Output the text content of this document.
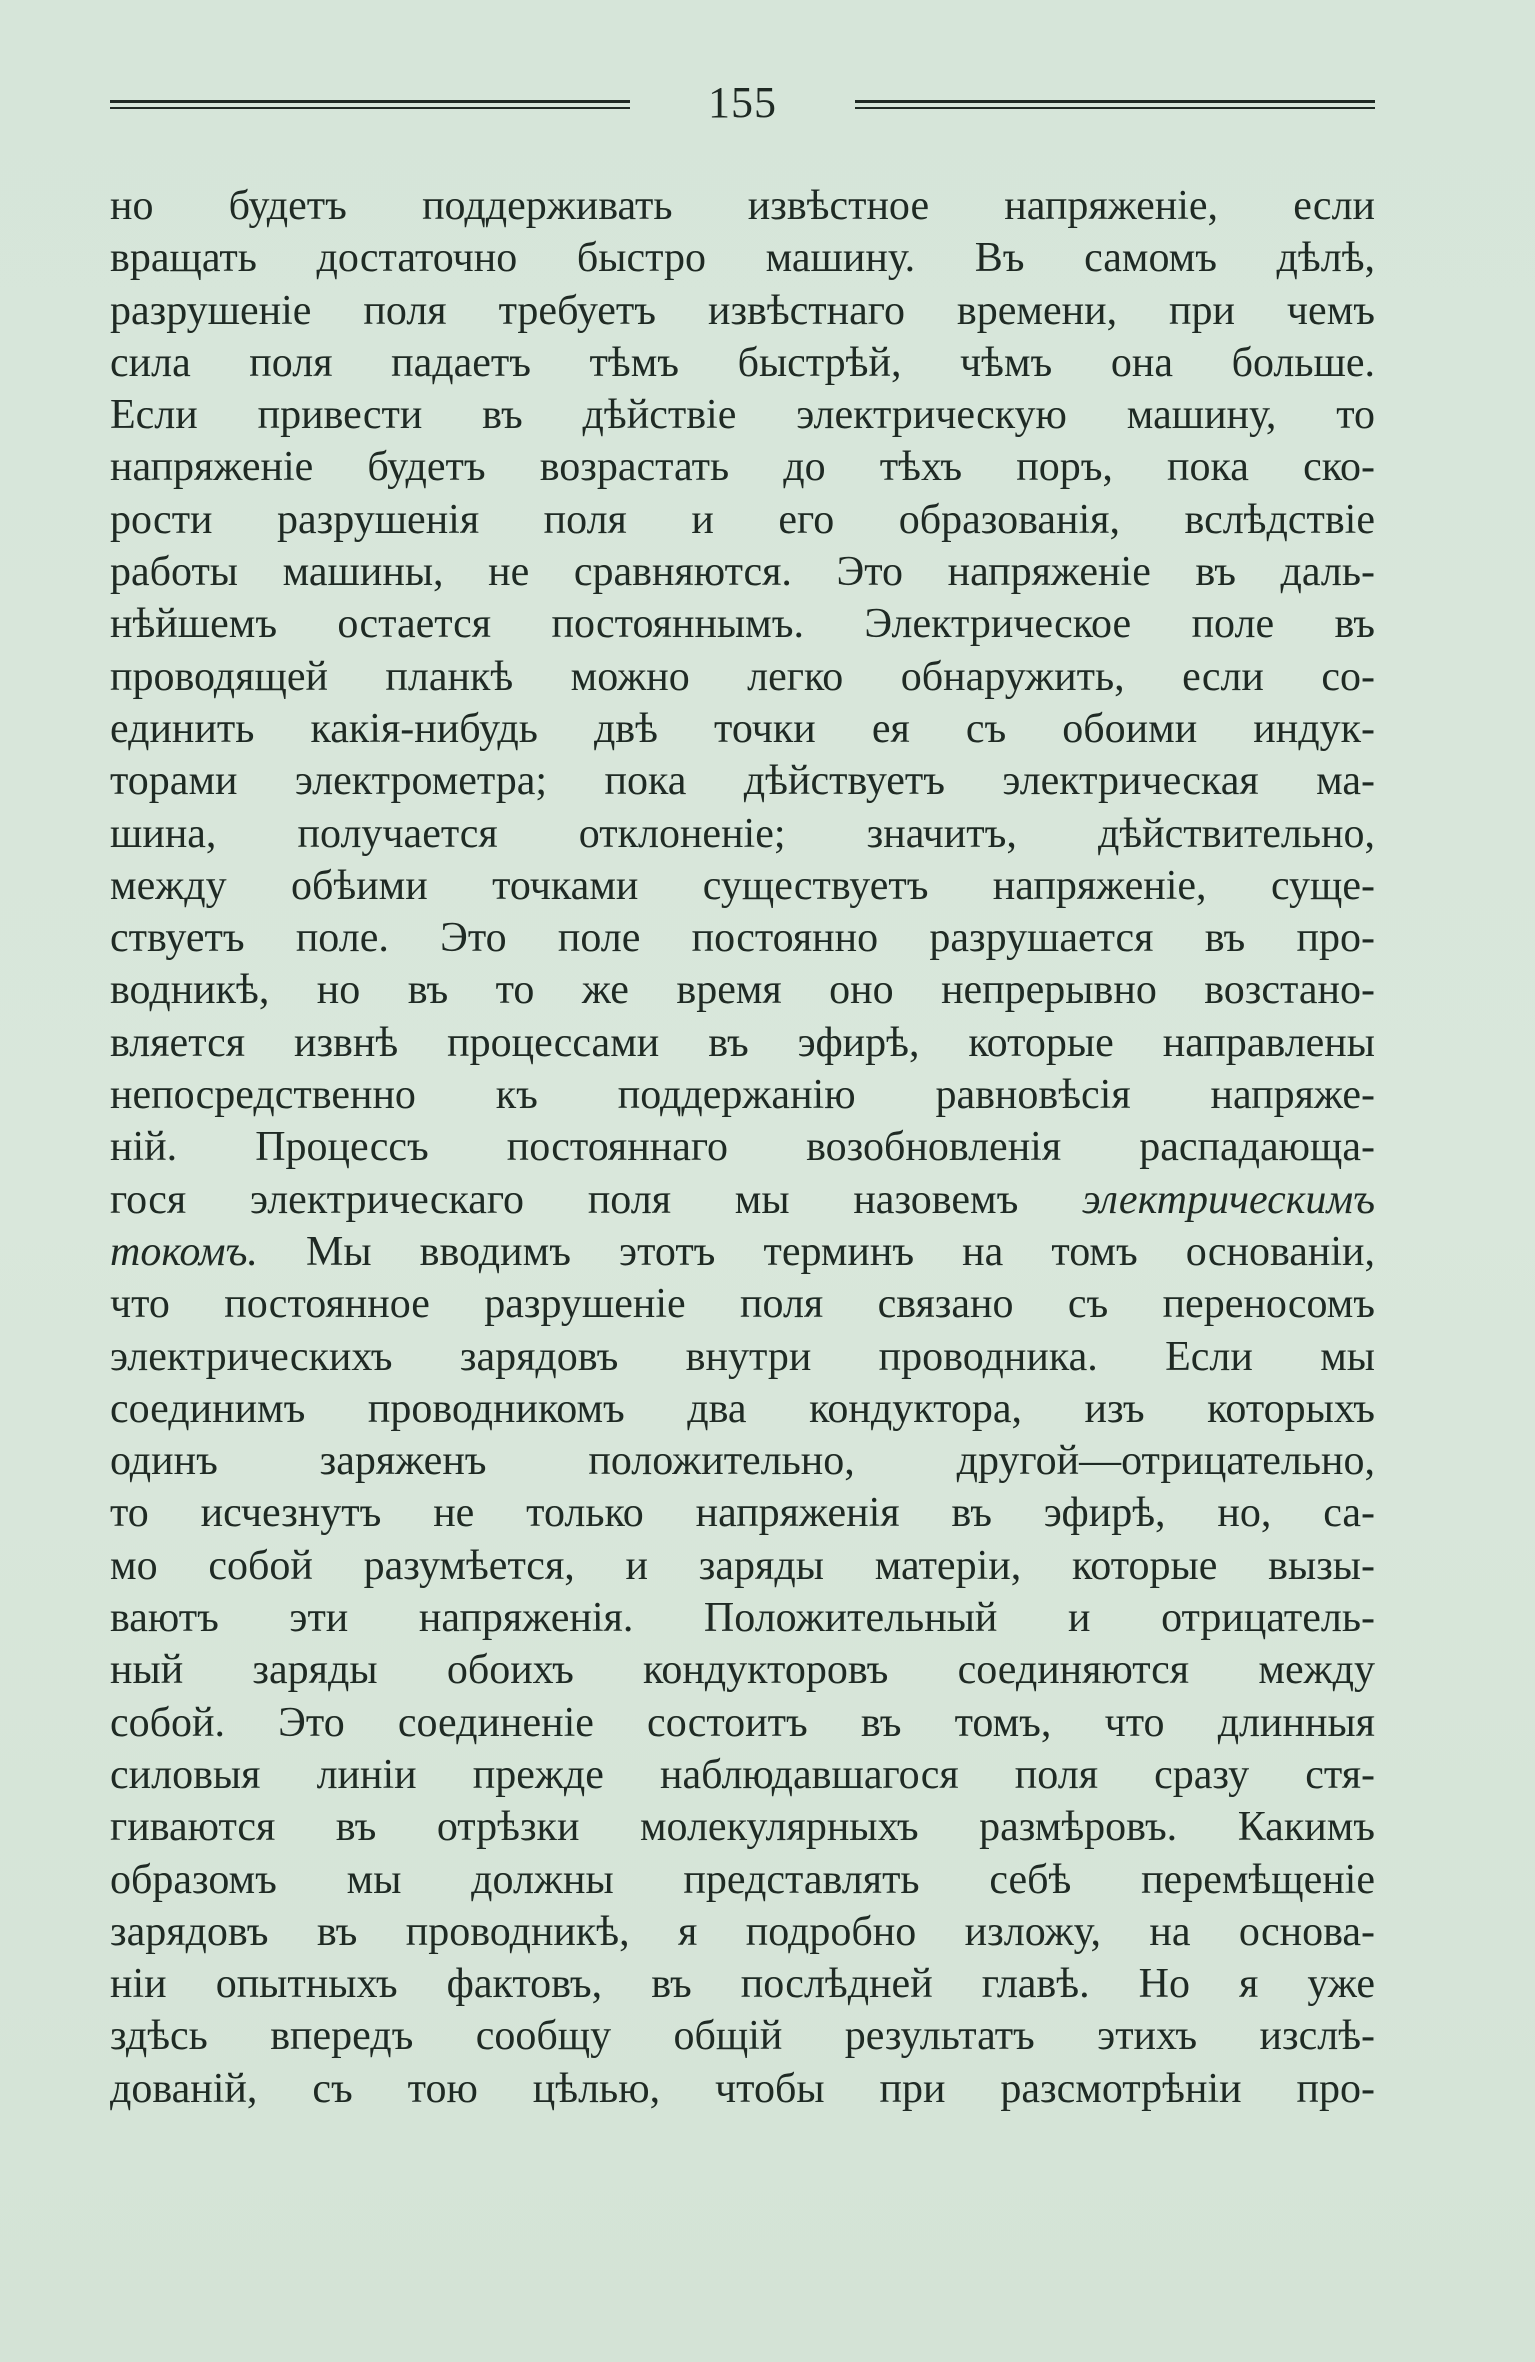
155
но будетъ поддерживать извѣстное напряженіе, если
вращать достаточно быстро машину. Въ самомъ дѣлѣ,
разрушеніе поля требуетъ извѣстнаго времени, при чемъ
сила поля падаетъ тѣмъ быстрѣй, чѣмъ она больше.
Если привести въ дѣйствіе электрическую машину, то
напряженіе будетъ возрастать до тѣхъ поръ, пока ско-
рости разрушенія поля и его образованія, вслѣдствіе
работы машины, не сравняются. Это напряженіе въ даль-
нѣйшемъ остается постояннымъ. Электрическое поле въ
проводящей планкѣ можно легко обнаружить, если со-
единить какія-нибудь двѣ точки ея съ обоими индук-
торами электрометра; пока дѣйствуетъ электрическая ма-
шина, получается отклоненіе; значитъ, дѣйствительно,
между обѣими точками существуетъ напряженіе, суще-
ствуетъ поле. Это поле постоянно разрушается въ про-
водникѣ, но въ то же время оно непрерывно возстано-
вляется извнѣ процессами въ эфирѣ, которые направлены
непосредственно къ поддержанію равновѣсія напряже-
ній. Процессъ постояннаго возобновленія распадающа-
гося электрическаго поля мы назовемъ электрическимъ
токомъ. Мы вводимъ этотъ терминъ на томъ основаніи,
что постоянное разрушеніе поля связано съ переносомъ
электрическихъ зарядовъ внутри проводника. Если мы
соединимъ проводникомъ два кондуктора, изъ которыхъ
одинъ заряженъ положительно, другой—отрицательно,
то исчезнутъ не только напряженія въ эфирѣ, но, са-
мо собой разумѣется, и заряды матеріи, которые вызы-
ваютъ эти напряженія. Положительный и отрицатель-
ный заряды обоихъ кондукторовъ соединяются между
собой. Это соединеніе состоитъ въ томъ, что длинныя
силовыя линіи прежде наблюдавшагося поля сразу стя-
гиваются въ отрѣзки молекулярныхъ размѣровъ. Какимъ
образомъ мы должны представлять себѣ перемѣщеніе
зарядовъ въ проводникѣ, я подробно изложу, на основа-
ніи опытныхъ фактовъ, въ послѣдней главѣ. Но я уже
здѣсь впередъ сообщу общій результатъ этихъ изслѣ-
дованій, съ тою цѣлью, чтобы при разсмотрѣніи про-
